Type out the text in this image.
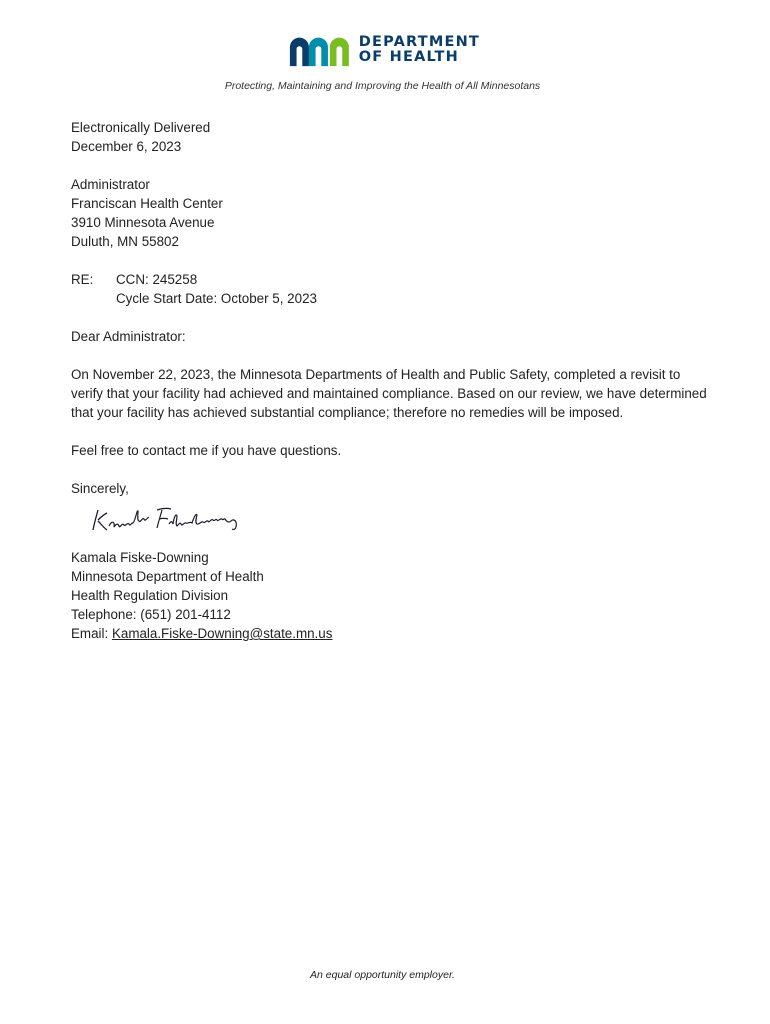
DEPARTMENT
OF HEALTH
Protecting, Maintaining and Improving the Health of All Minnesotans

Electronically Delivered

December 6, 2023

Administrator

Franciscan Health Center

3910 Minnesota Avenue

Duluth, MN 55802

RE:	CCN: 245258

Cycle Start Date: October 5, 2023

Dear Administrator:

On November 22, 2023, the Minnesota Departments of Health and Public Safety, completed a revisit to verify that your facility had achieved and maintained compliance. Based on our review, we have determined that your facility has achieved substantial compliance; therefore no remedies will be imposed.

Feel free to contact me if you have questions.

Sincerely,

Kamala Fiske-Downing

Minnesota Department of Health

Health Regulation Division

Telephone: (651) 201-4112

Email: Kamala.Fiske-Downing@state.mn.us

An equal opportunity employer.
